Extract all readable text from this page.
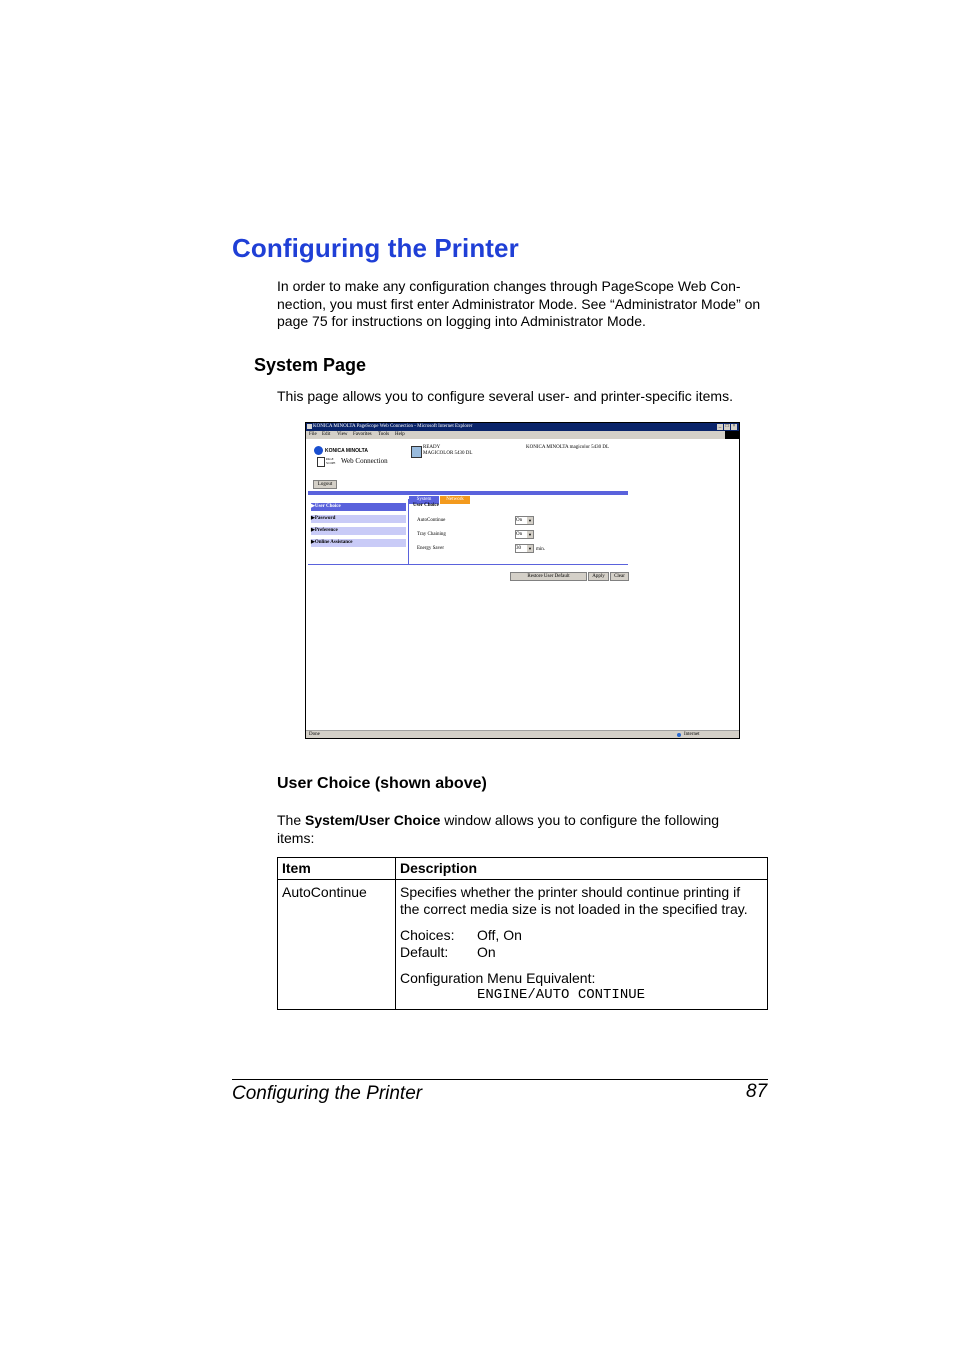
Configuring the Printer

In order to make any configuration changes through PageScope Web Con- nection, you must first enter Administrator Mode. See “Administrator Mode” on page 75 for instructions on logging into Administrator Mode.

System Page

This page allows you to configure several user- and printer-specific items.

KONICA MINOLTA PageScope Web Connection - Microsoft Internet Explorer	_ □ ×
File Edit View Favorites Tools Help
KONICA MINOLTA
PAGE SCOPE Web Connection
READY
MAGICOLOR 5430 DL
KONICA MINOLTA magicolor 5430 DL
Logout
System	Network
▶User Choice
▶Password
▶Preference
▶Online Assistance
User Choice
AutoContinue	On ▼
Tray Chaining	On ▼
Energy Saver	30 ▼ min.
Restore User Default	Apply	Clear
Done	Internet
User Choice (shown above)

The System/User Choice window allows you to configure the following items:

Item	Description
AutoContinue	Specifies whether the printer should continue printing if the correct media size is not loaded in the specified tray.
Choices: Off, On
Default: On
Configuration Menu Equivalent:
ENGINE/AUTO CONTINUE
Configuring the Printer	87
